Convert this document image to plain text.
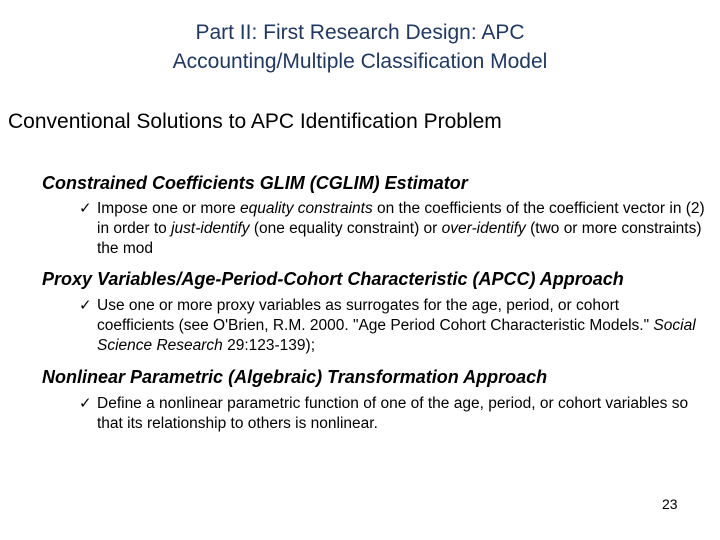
Part II: First Research Design: APC
Accounting/Multiple Classification Model
Conventional Solutions to APC Identification Problem
Constrained Coefficients GLIM (CGLIM) Estimator
✓ Impose one or more equality constraints on the coefficients of the coefficient vector in (2) in order to just-identify (one equality constraint) or over-identify (two or more constraints) the mod
Proxy Variables/Age-Period-Cohort Characteristic (APCC) Approach
✓ Use one or more proxy variables as surrogates for the age, period, or cohort coefficients (see O'Brien, R.M. 2000. "Age Period Cohort Characteristic Models." Social Science Research 29:123-139);
Nonlinear Parametric (Algebraic) Transformation Approach
✓ Define a nonlinear parametric function of one of the age, period, or cohort variables so that its relationship to others is nonlinear.
23
